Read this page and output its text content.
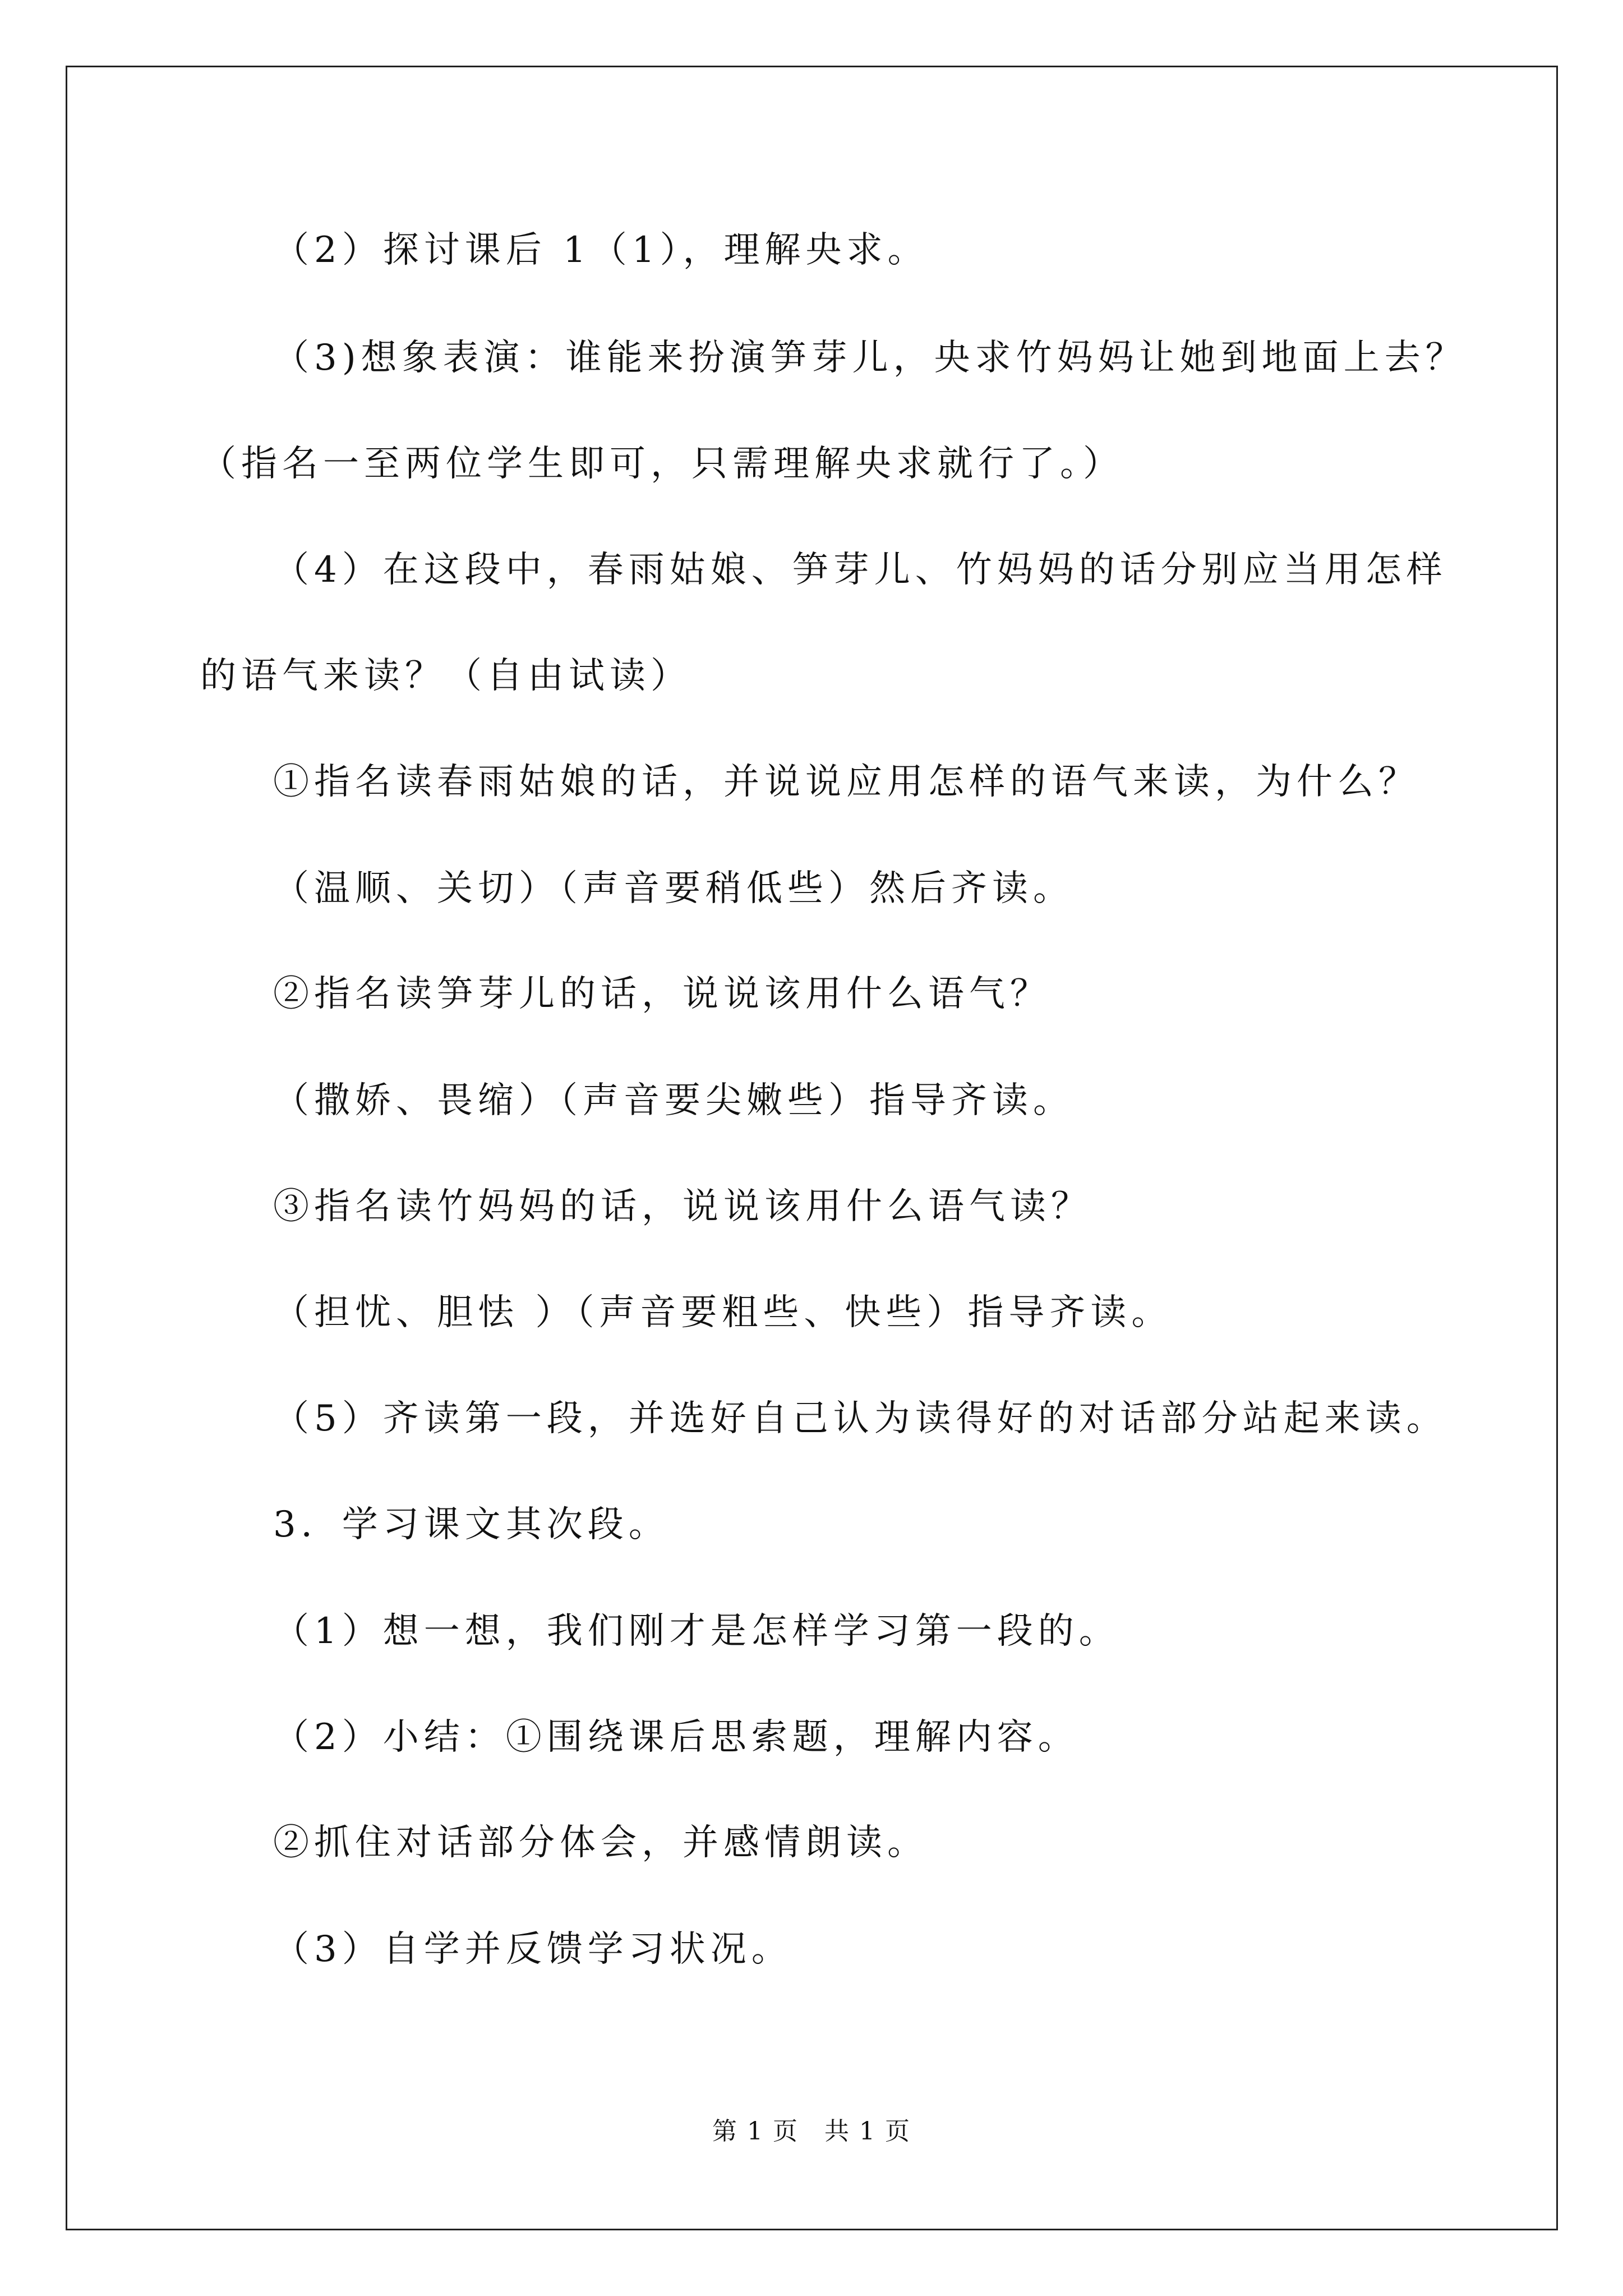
（2）探讨课后 1（1），理解央求。
（3)想象表演：谁能来扮演笋芽儿，央求竹妈妈让她到地面上去？
（指名一至两位学生即可，只需理解央求就行了。）
（4）在这段中，春雨姑娘、笋芽儿、竹妈妈的话分别应当用怎样
的语气来读？（自由试读）
①指名读春雨姑娘的话，并说说应用怎样的语气来读，为什么？
（温顺、关切）（声音要稍低些）然后齐读。
②指名读笋芽儿的话，说说该用什么语气？
（撒娇、畏缩）（声音要尖嫩些）指导齐读。
③指名读竹妈妈的话，说说该用什么语气读？
（担忧、胆怯 ）（声音要粗些、快些）指导齐读。
（5）齐读第一段，并选好自己认为读得好的对话部分站起来读。
3．学习课文其次段。
（1）想一想，我们刚才是怎样学习第一段的。
（2）小结：①围绕课后思索题，理解内容。
②抓住对话部分体会，并感情朗读。
（3）自学并反馈学习状况。
第 1 页　共 1 页
